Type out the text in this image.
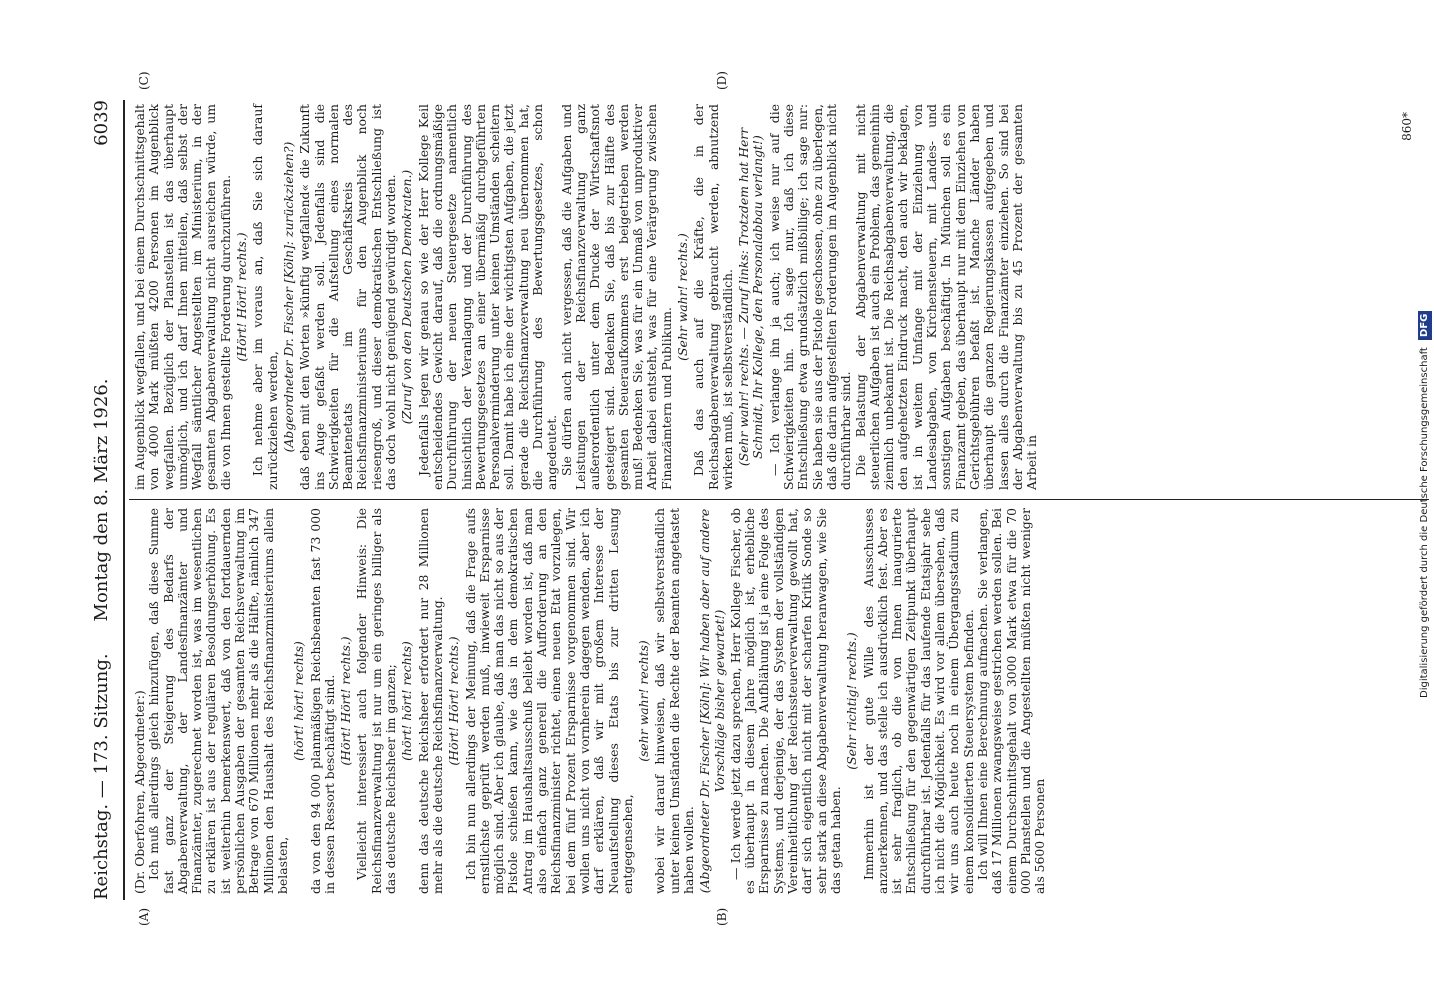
Reichstag. — 173. Sitzung.
Montag den 8. März 1926.
6039
(A)	(B)
(C)	(D)

(Dr. Oberfohren, Abgeordneter:) Ich muß allerdings gleich hinzufügen, daß diese Summe fast ganz der Steigerung des Bedarfs der Abgabenverwaltung, der Landesfinanzämter und Finanzämter, zugerechnet worden ist, was im wesentlichen zu erklären ist aus der regulären Besoldungserhöhung. Es ist weiterhin bemerkenswert, daß von den fortdauernden persönlichen Ausgaben der gesamten Reichsverwaltung im Betrage von 670 Millionen mehr als die Hälfte, nämlich 347 Millionen den Haushalt des Reichsfinanzministeriums allein belasten,

(hört! hört! rechts) da von den 94 000 planmäßigen Reichsbeamten fast 73 000 in dessen Ressort beschäftigt sind. (Hört! Hört! rechts.) Vielleicht interessiert auch folgender Hinweis: Die Reichsfinanzverwaltung ist nur um ein geringes billiger als das deutsche Reichsheer im ganzen; (hört! hört! rechts) denn das deutsche Reichsheer erfordert nur 28 Millionen mehr als die deutsche Reichsfinanzverwaltung. (Hört! Hört! rechts.) Ich bin nun allerdings der Meinung, daß die Frage aufs ernstlichste geprüft werden muß, inwieweit Ersparnisse möglich sind. Aber ich glaube, daß man das nicht so aus der Pistole schießen kann, wie das in dem demokratischen Antrag im Haushaltsausschuß beliebt worden ist, daß man also einfach ganz generell die Aufforderung an den Reichsfinanzminister richtet, einen neuen Etat vorzulegen, bei dem fünf Prozent Ersparnisse vorgenommen sind. Wir wollen uns nicht von vornherein dagegen wenden, aber ich darf erklären, daß wir mit großem Interesse der Neuaufstellung dieses Etats bis zur dritten Lesung entgegensehen,

(sehr wahr! rechts) wobei wir darauf hinweisen, daß wir selbstverständlich unter keinen Umständen die Rechte der Beamten angetastet haben wollen. (Abgeordneter Dr. Fischer [Köln]: Wir haben aber auf andere Vorschläge bisher gewartet!) — Ich werde jetzt dazu sprechen, Herr Kollege Fischer, ob es überhaupt in diesem Jahre möglich ist, erhebliche Ersparnisse zu machen. Die Aufblähung ist ja eine Folge des Systems, und derjenige, der das System der vollständigen Vereinheitlichung der Reichssteuerverwaltung gewollt hat, darf sich eigentlich nicht mit der scharfen Kritik Sonde so sehr stark an diese Abgabenverwaltung heranwagen, wie Sie das getan haben.

(Sehr richtig! rechts.) Immerhin ist der gute Wille des Ausschusses anzuerkennen, und das stelle ich ausdrücklich fest. Aber es ist sehr fraglich, ob die von Ihnen inaugurierte Entschließung für den gegenwärtigen Zeitpunkt überhaupt durchführbar ist. Jedenfalls für das laufende Etatsjahr sehe ich nicht die Möglichkeit. Es wird vor allem übersehen, daß wir uns auch heute noch in einem Übergangsstadium zu einem konsolidierten Steuersystem befinden. Ich will Ihnen eine Berechnung aufmachen. Sie verlangen, daß 17 Millionen zwangsweise gestrichen werden sollen. Bei einem Durchschnittsgehalt von 3000 Mark etwa für die 70 000 Planstellen und die Angestellten müßten nicht weniger als 5600 Personen

im Augenblick wegfallen, und bei einem Durchschnittsgehalt von 4000 Mark müßten 4200 Personen im Augenblick wegfallen. Bezüglich der Planstellen ist das überhaupt unmöglich, und ich darf Ihnen mitteilen, daß selbst der Wegfall sämtlicher Angestellten im Ministerium, in der gesamten Abgabenverwaltung nicht ausreichen würde, um die von Ihnen gestellte Forderung durchzuführen. (Hört! Hört! rechts.) Ich nehme aber im voraus an, daß Sie sich darauf zurückziehen werden, (Abgeordneter Dr. Fischer [Köln]: zurückziehen?) daß eben mit den Worten »künftig wegfallend« die Zukunft ins Auge gefaßt werden soll. Jedenfalls sind die Schwierigkeiten für die Aufstellung eines normalen Beamtenetats im Geschäftskreis des Reichsfinanzministeriums für den Augenblick noch riesengroß, und dieser demokratischen Entschließung ist das doch wohl nicht genügend gewürdigt worden. (Zuruf von den Deutschen Demokraten.) Jedenfalls legen wir genau so wie der Herr Kollege Keil entscheidendes Gewicht darauf, daß die ordnungsmäßige Durchführung der neuen Steuergesetze namentlich hinsichtlich der Veranlagung und der Durchführung des Bewertungsgesetzes an einer übermäßig durchgeführten Personalverminderung unter keinen Umständen scheitern soll. Damit habe ich eine der wichtigsten Aufgaben, die jetzt gerade die Reichsfinanzverwaltung neu übernommen hat, die Durchführung des Bewertungsgesetzes, schon angedeutet. Sie dürfen auch nicht vergessen, daß die Aufgaben und Leistungen der Reichsfinanzverwaltung ganz außerordentlich unter dem Drucke der Wirtschaftsnot gesteigert sind. Bedenken Sie, daß bis zur Hälfte des gesamten Steueraufkommens erst beigetrieben werden muß! Bedenken Sie, was für ein Unmaß von unproduktiver Arbeit dabei entsteht, was für eine Verärgerung zwischen Finanzämtern und Publikum.

(Sehr wahr! rechts.) Daß das auch auf die Kräfte, die in der Reichsabgabenverwaltung gebraucht werden, abnutzend wirken muß, ist selbstverständlich. (Sehr wahr! rechts. — Zuruf links: Trotzdem hat Herr Schmidt, Ihr Kollege, den Personalabbau verlangt!) — Ich verlange ihn ja auch; ich weise nur auf die Schwierigkeiten hin. Ich sage nur, daß ich diese Entschließung etwa grundsätzlich mißbillige; ich sage nur: Sie haben sie aus der Pistole geschossen, ohne zu überlegen, daß die darin aufgestellten Forderungen im Augenblick nicht durchführbar sind. Die Belastung der Abgabenverwaltung mit nicht steuerlichen Aufgaben ist auch ein Problem, das gemeinhin ziemlich unbekannt ist. Die Reichsabgabenverwaltung, die den aufgehetzten Eindruck macht, den auch wir beklagen, ist in weitem Umfange mit der Einziehung von Landesabgaben, von Kirchensteuern, mit Landes- und sonstigen Aufgaben beschäftigt. In München soll es ein Finanzamt geben, das überhaupt nur mit dem Einziehen von Gerichtsgebühren befaßt ist. Manche Länder haben überhaupt die ganzen Regierungskassen aufgegeben und lassen alles durch die Finanzämter einziehen. So sind bei der Abgabenverwaltung bis zu 45 Prozent der gesamten Arbeit in

860*
Digitalisierung gefördert durch die Deutsche Forschungsgemeinschaft DFG
